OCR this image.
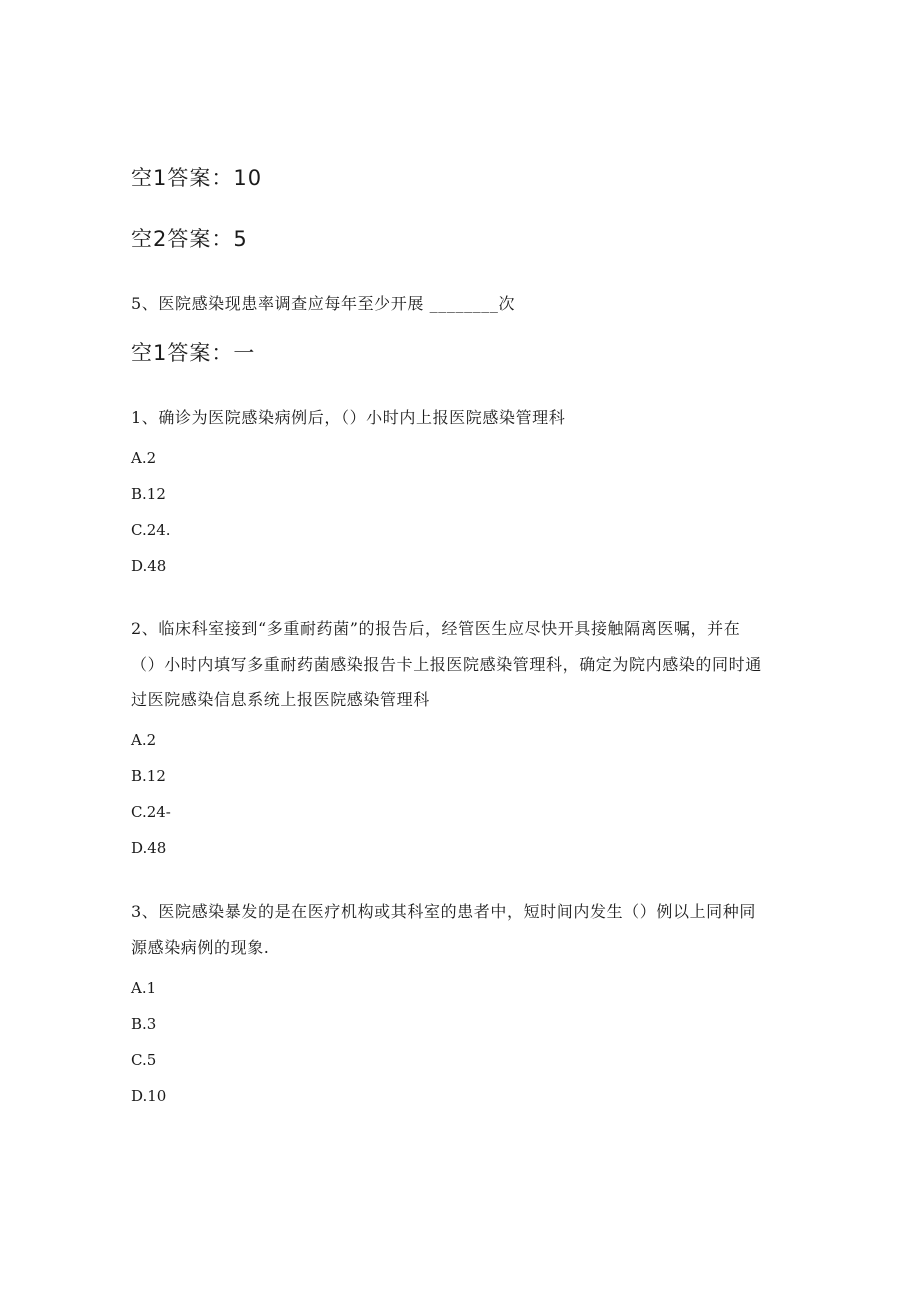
空1答案：10
空2答案：5
5、医院感染现患率调查应每年至少开展 ________次
空1答案：一
1、确诊为医院感染病例后，（）小时内上报医院感染管理科
A.2
B.12
C.24.
D.48
2、临床科室接到“多重耐药菌”的报告后，经管医生应尽快开具接触隔离医嘱，并在
（）小时内填写多重耐药菌感染报告卡上报医院感染管理科，确定为院内感染的同时通
过医院感染信息系统上报医院感染管理科
A.2
B.12
C.24-
D.48
3、医院感染暴发的是在医疗机构或其科室的患者中，短时间内发生（）例以上同种同
源感染病例的现象.
A.1
B.3
C.5
D.10
